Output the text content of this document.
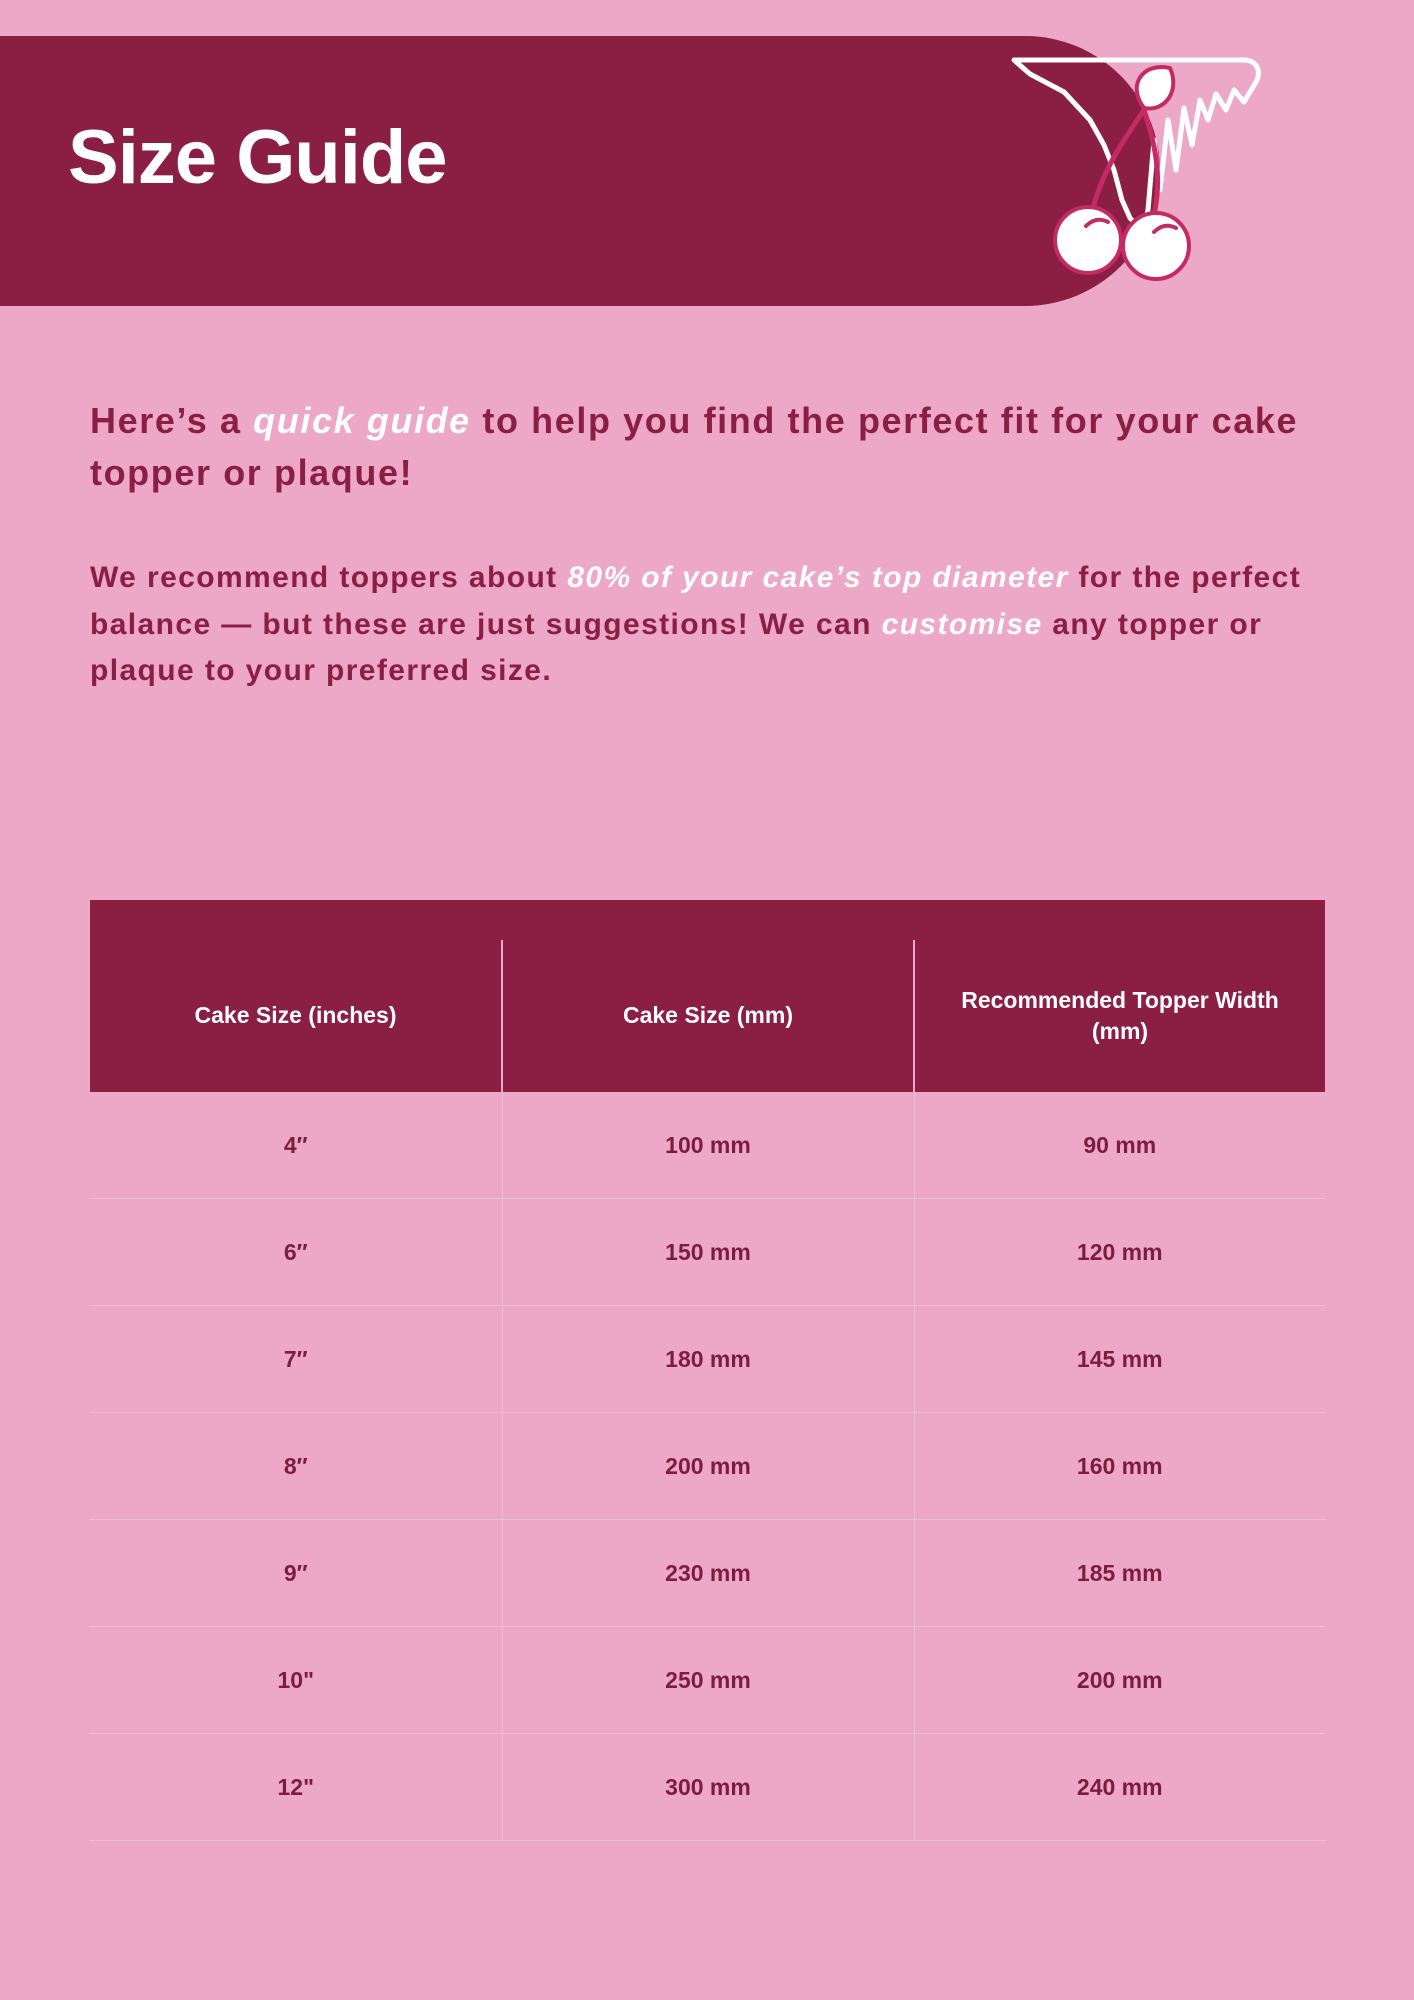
Size Guide
Here’s a quick guide to help you find the perfect fit for your cake topper or plaque!
We recommend toppers about 80% of your cake’s top diameter for the perfect balance — but these are just suggestions! We can customise any topper or plaque to your preferred size.

Cake Size (inches)	Cake Size (mm)	Recommended Topper Width (mm)
4″	100 mm	90 mm
6″	150 mm	120 mm
7″	180 mm	145 mm
8″	200 mm	160 mm
9″	230 mm	185 mm
10"	250 mm	200 mm
12"	300 mm	240 mm
